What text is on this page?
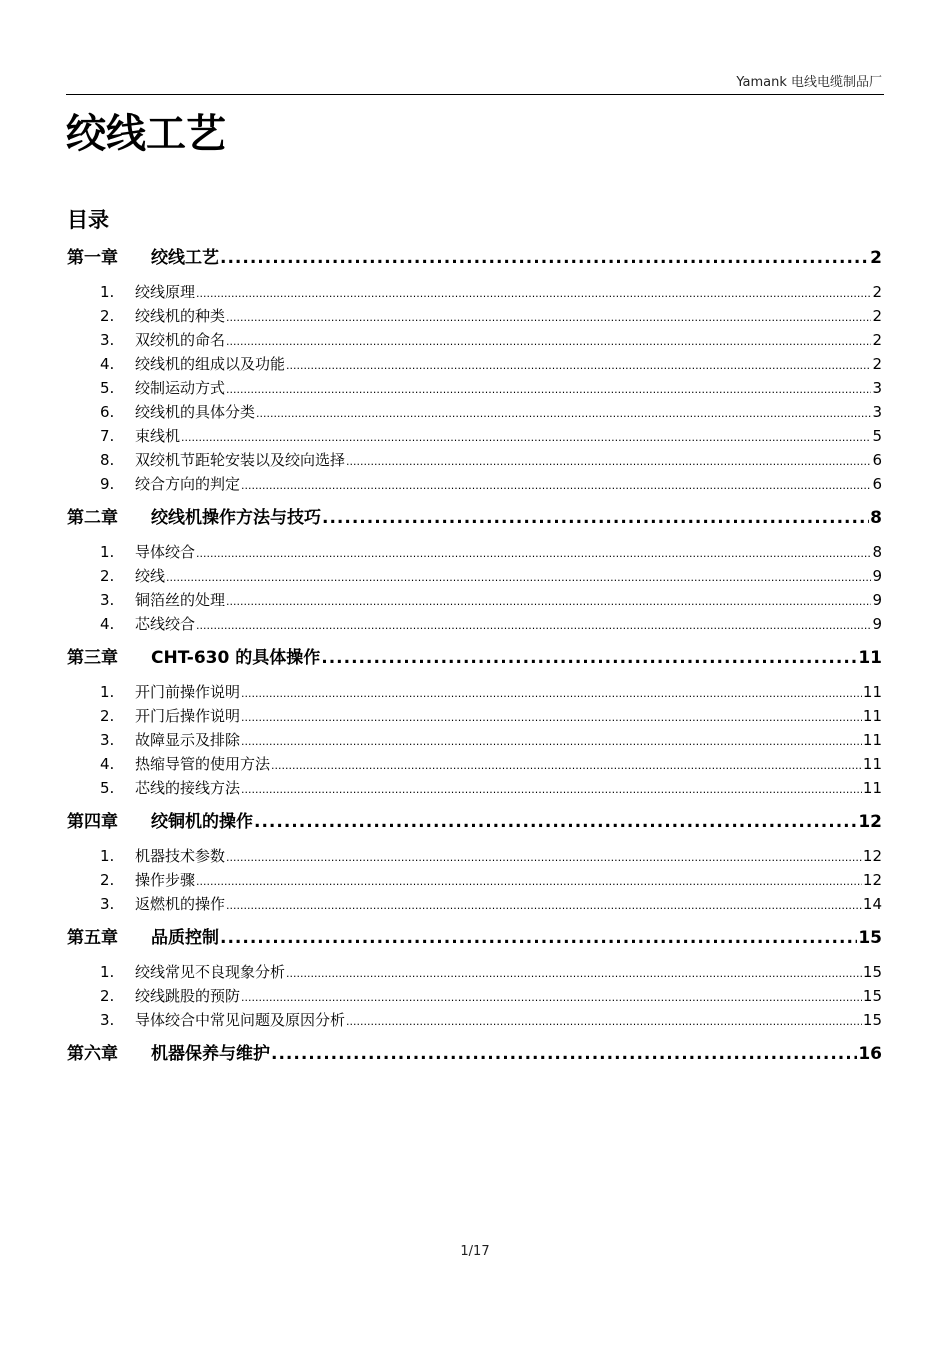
Yamank 电线电缆制品厂
绞线工艺
目录
第一章	绞线工艺 .....	2
1.	绞线原理 .....	2
2.	绞线机的种类 .....	2
3.	双绞机的命名 .....	2
4.	绞线机的组成以及功能 .....	2
5.	绞制运动方式 .....	3
6.	绞线机的具体分类 .....	3
7.	束线机 .....	5
8.	双绞机节距轮安装以及绞向选择 .....	6
9.	绞合方向的判定 .....	6
第二章	绞线机操作方法与技巧 .....	8
1.	导体绞合 .....	8
2.	绞线 .....	9
3.	铜箔丝的处理 .....	9
4.	芯线绞合 .....	9
第三章	CHT-630 的具体操作 .....	11
1.	开门前操作说明 .....	11
2.	开门后操作说明 .....	11
3.	故障显示及排除 .....	11
4.	热缩导管的使用方法 .....	11
5.	芯线的接线方法 .....	11
第四章	绞铜机的操作 .....	12
1.	机器技术参数 .....	12
2.	操作步骤 .....	12
3.	返燃机的操作 .....	14
第五章	品质控制 .....	15
1.	绞线常见不良现象分析 .....	15
2.	绞线跳股的预防 .....	15
3.	导体绞合中常见问题及原因分析 .....	15
第六章	机器保养与维护 .....	16
1/17
